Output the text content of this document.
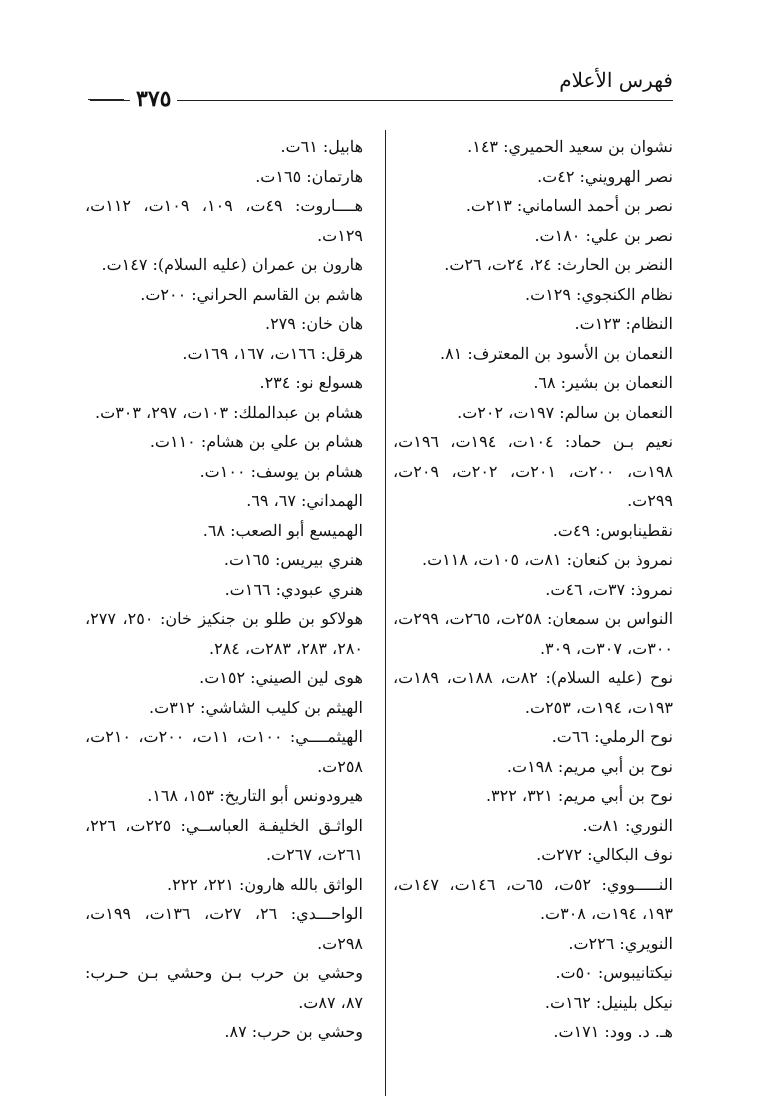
فهرس الأعلام
٣٧٥

نشوان بن سعيد الحميري: ١٤٣.

نصر الهرويني: ٤٢ت.

نصر بن أحمد الساماني: ٢١٣ت.

نصر بن علي: ١٨٠ت.

النضر بن الحارث: ٢٤، ٢٤ت، ٢٦ت.

نظام الكنجوي: ١٢٩ت.

النظام: ١٢٣ت.

النعمان بن الأسود بن المعترف: ٨١.

النعمان بن بشير: ٦٨.

النعمان بن سالم: ١٩٧ت، ٢٠٢ت.

نعيم بـن حماد: ١٠٤ت، ١٩٤ت، ١٩٦ت، ١٩٨ت، ٢٠٠ت، ٢٠١ت، ٢٠٢ت، ٢٠٩ت، ٢٩٩ت.

نقطينابوس: ٤٩ت.

نمروذ بن كنعان: ٨١ت، ١٠٥ت، ١١٨ت.

نمروذ: ٣٧ت، ٤٦ت.

النواس بن سمعان: ٢٥٨ت، ٢٦٥ت، ٢٩٩ت، ٣٠٠ت، ٣٠٧ت، ٣٠٩.

نوح (عليه السلام): ٨٢ت، ١٨٨ت، ١٨٩ت، ١٩٣ت، ١٩٤ت، ٢٥٣ت.

نوح الرملي: ٦٦ت.

نوح بن أبي مريم: ١٩٨ت.

نوح بن أبي مريم: ٣٢١، ٣٢٢.

النوري: ٨١ت.

نوف البكالي: ٢٧٢ت.

النـــــووي: ٥٢ت، ٦٥ت، ١٤٦ت، ١٤٧ت، ١٩٣، ١٩٤ت، ٣٠٨ت.

النويري: ٢٢٦ت.

نيكتانيبوس: ٥٠ت.

نيكل بلينيل: ١٦٢ت.

هـ. د. وود: ١٧١ت.

هابيل: ٦١ت.

هارتمان: ١٦٥ت.

هــــاروت: ٤٩ت، ١٠٩، ١٠٩ت، ١١٢ت، ١٢٩ت.

هارون بن عمران (عليه السلام): ١٤٧ت.

هاشم بن القاسم الحراني: ٢٠٠ت.

هان خان: ٢٧٩.

هرقل: ١٦٦ت، ١٦٧، ١٦٩ت.

هسولع نو: ٢٣٤.

هشام بن عبدالملك: ١٠٣ت، ٢٩٧، ٣٠٣ت.

هشام بن علي بن هشام: ١١٠ت.

هشام بن يوسف: ١٠٠ت.

الهمداني: ٦٧، ٦٩.

الهميسع أبو الصعب: ٦٨.

هنري بيريس: ١٦٥ت.

هنري عبودي: ١٦٦ت.

هولاكو بن طلو بن جنكيز خان: ٢٥٠، ٢٧٧، ٢٨٠، ٢٨٣، ٢٨٣ت، ٢٨٤.

هوى لين الصيني: ١٥٢ت.

الهيثم بن كليب الشاشي: ٣١٢ت.

الهيثمــــي: ١٠٠ت، ١١ت، ٢٠٠ت، ٢١٠ت، ٢٥٨ت.

هيرودونس أبو التاريخ: ١٥٣، ١٦٨.

الواثـق الخليفـة العباســي: ٢٢٥ت، ٢٢٦، ٢٦١ت، ٢٦٧ت.

الواثق بالله هارون: ٢٢١، ٢٢٢.

الواحـــدي: ٢٦، ٢٧ت، ١٣٦ت، ١٩٩ت، ٢٩٨ت.

وحشي بن حرب بـن وحشي بـن حـرب: ٨٧، ٨٧ت.

وحشي بن حرب: ٨٧.
